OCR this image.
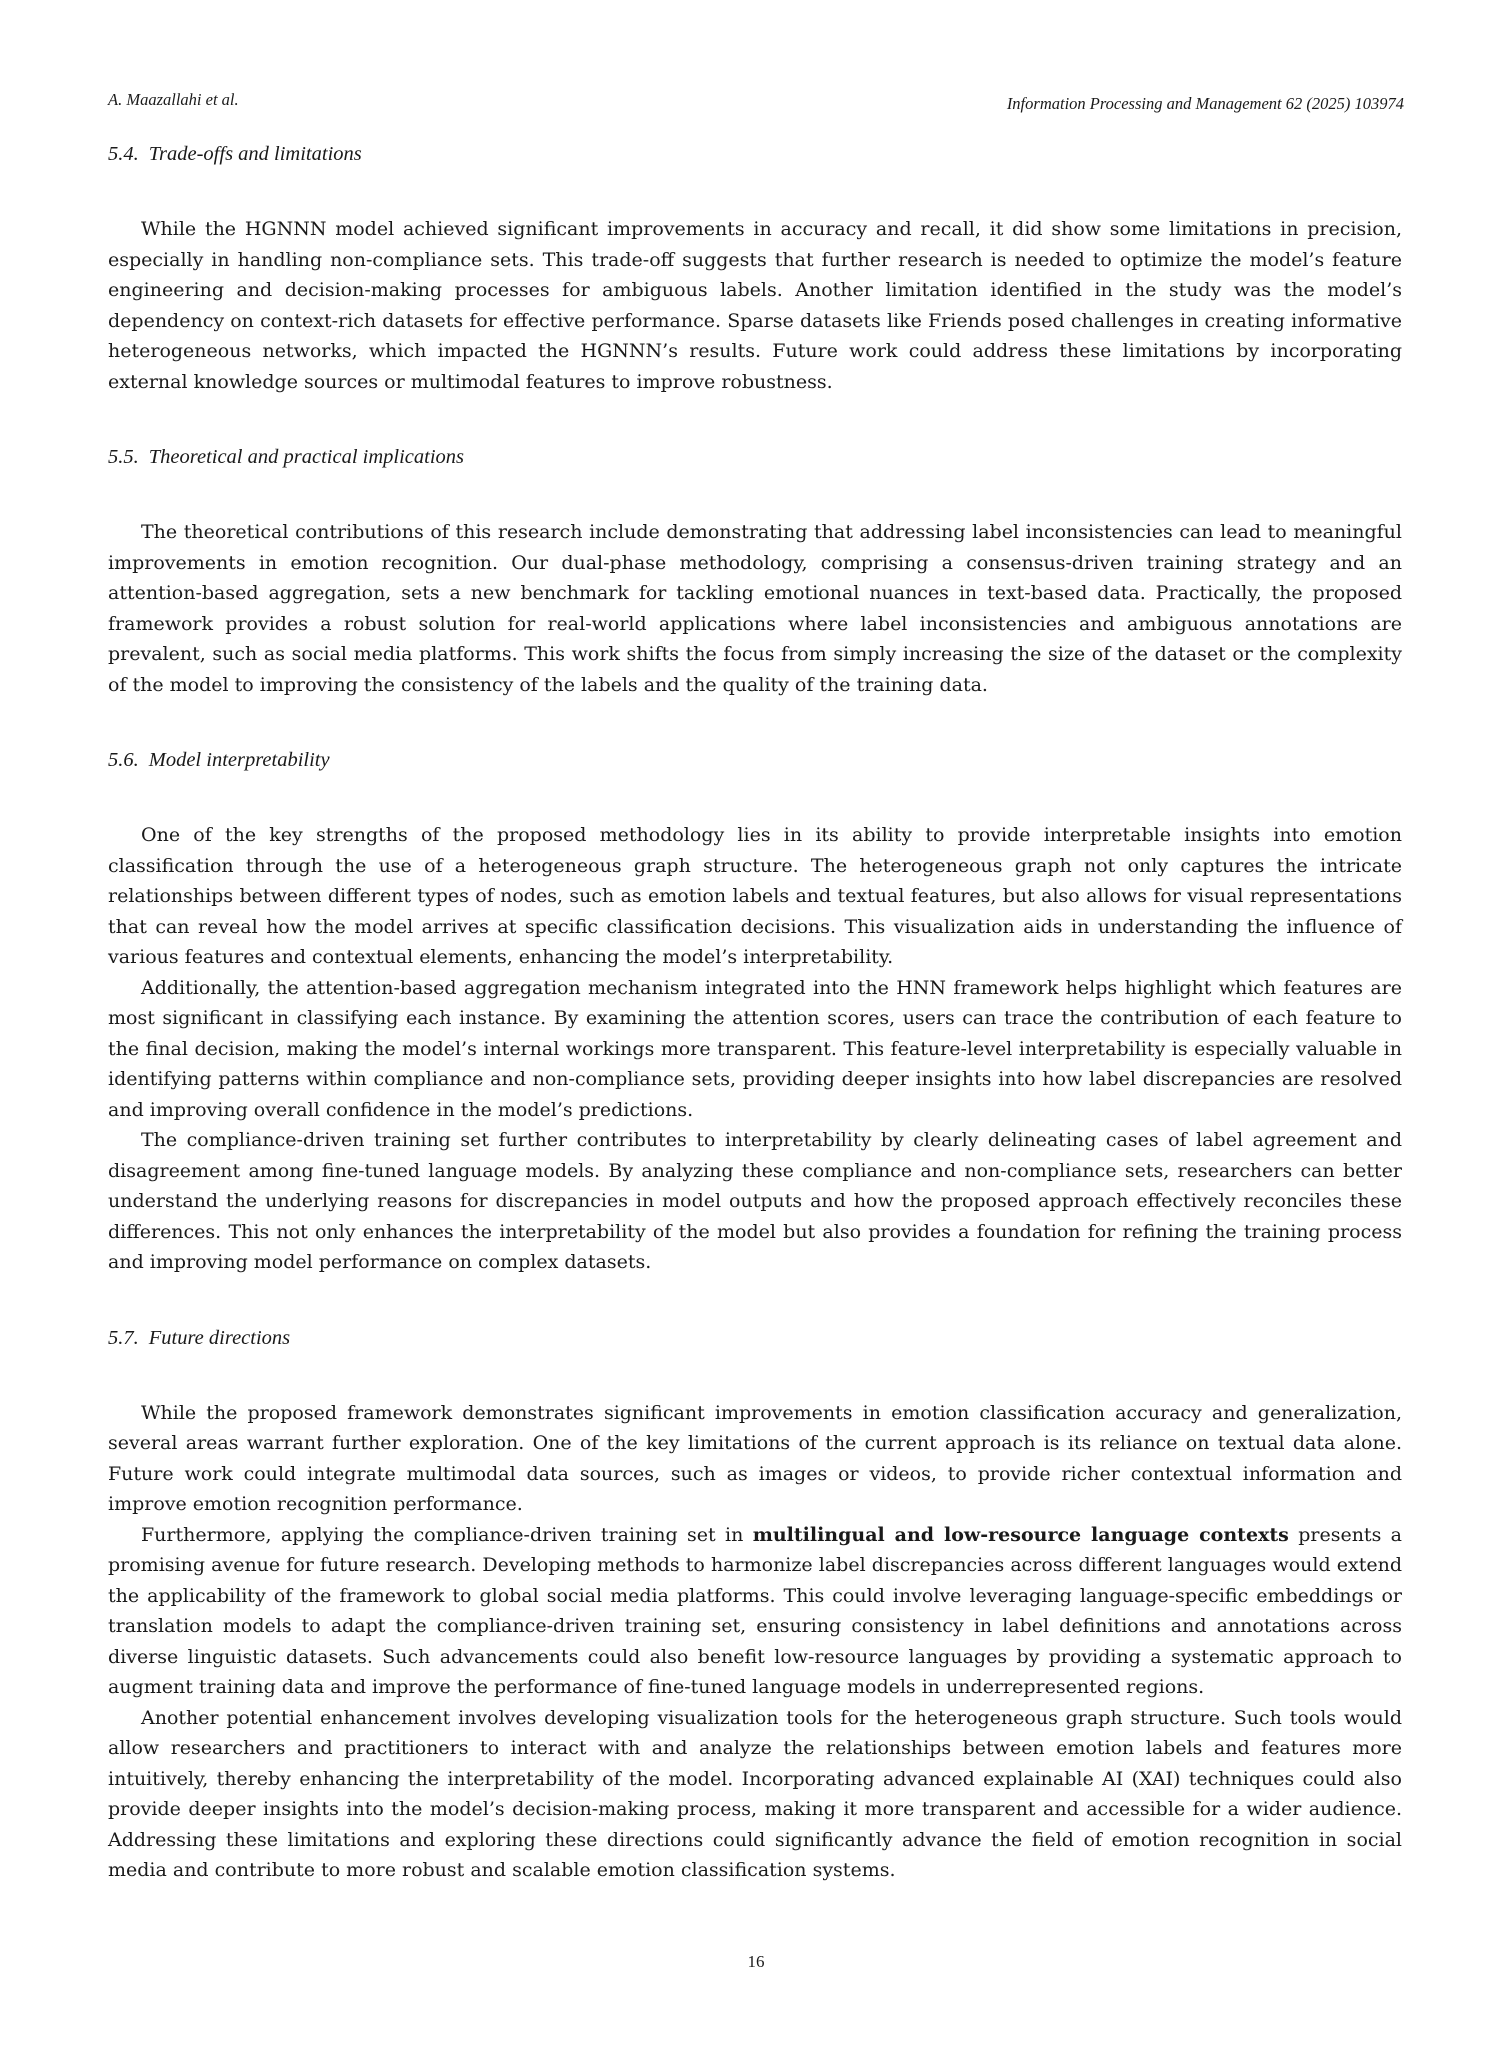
A. Maazallahi et al.	Information Processing and Management 62 (2025) 103974
5.4. Trade-offs and limitations

While the HGNNN model achieved significant improvements in accuracy and recall, it did show some limitations in precision, especially in handling non-compliance sets. This trade-off suggests that further research is needed to optimize the model’s feature engineering and decision-making processes for ambiguous labels. Another limitation identified in the study was the model’s dependency on context-rich datasets for effective performance. Sparse datasets like Friends posed challenges in creating informative heterogeneous networks, which impacted the HGNNN’s results. Future work could address these limitations by incorporating external knowledge sources or multimodal features to improve robustness.

5.5. Theoretical and practical implications

The theoretical contributions of this research include demonstrating that addressing label inconsistencies can lead to meaningful improvements in emotion recognition. Our dual-phase methodology, comprising a consensus-driven training strategy and an attention-based aggregation, sets a new benchmark for tackling emotional nuances in text-based data. Practically, the proposed framework provides a robust solution for real-world applications where label inconsistencies and ambiguous annotations are prevalent, such as social media platforms. This work shifts the focus from simply increasing the size of the dataset or the complexity of the model to improving the consistency of the labels and the quality of the training data.

5.6. Model interpretability

One of the key strengths of the proposed methodology lies in its ability to provide interpretable insights into emotion classification through the use of a heterogeneous graph structure. The heterogeneous graph not only captures the intricate relationships between different types of nodes, such as emotion labels and textual features, but also allows for visual representations that can reveal how the model arrives at specific classification decisions. This visualization aids in understanding the influence of various features and contextual elements, enhancing the model’s interpretability.

Additionally, the attention-based aggregation mechanism integrated into the HNN framework helps highlight which features are most significant in classifying each instance. By examining the attention scores, users can trace the contribution of each feature to the final decision, making the model’s internal workings more transparent. This feature-level interpretability is especially valuable in identifying patterns within compliance and non-compliance sets, providing deeper insights into how label discrepancies are resolved and improving overall confidence in the model’s predictions.

The compliance-driven training set further contributes to interpretability by clearly delineating cases of label agreement and disagreement among fine-tuned language models. By analyzing these compliance and non-compliance sets, researchers can better understand the underlying reasons for discrepancies in model outputs and how the proposed approach effectively reconciles these differences. This not only enhances the interpretability of the model but also provides a foundation for refining the training process and improving model performance on complex datasets.

5.7. Future directions

While the proposed framework demonstrates significant improvements in emotion classification accuracy and generalization, several areas warrant further exploration. One of the key limitations of the current approach is its reliance on textual data alone. Future work could integrate multimodal data sources, such as images or videos, to provide richer contextual information and improve emotion recognition performance.

Furthermore, applying the compliance-driven training set in multilingual and low-resource language contexts presents a promising avenue for future research. Developing methods to harmonize label discrepancies across different languages would extend the applicability of the framework to global social media platforms. This could involve leveraging language-specific embeddings or translation models to adapt the compliance-driven training set, ensuring consistency in label definitions and annotations across diverse linguistic datasets. Such advancements could also benefit low-resource languages by providing a systematic approach to augment training data and improve the performance of fine-tuned language models in underrepresented regions.

Another potential enhancement involves developing visualization tools for the heterogeneous graph structure. Such tools would allow researchers and practitioners to interact with and analyze the relationships between emotion labels and features more intuitively, thereby enhancing the interpretability of the model. Incorporating advanced explainable AI (XAI) techniques could also provide deeper insights into the model’s decision-making process, making it more transparent and accessible for a wider audience. Addressing these limitations and exploring these directions could significantly advance the field of emotion recognition in social media and contribute to more robust and scalable emotion classification systems.

16
